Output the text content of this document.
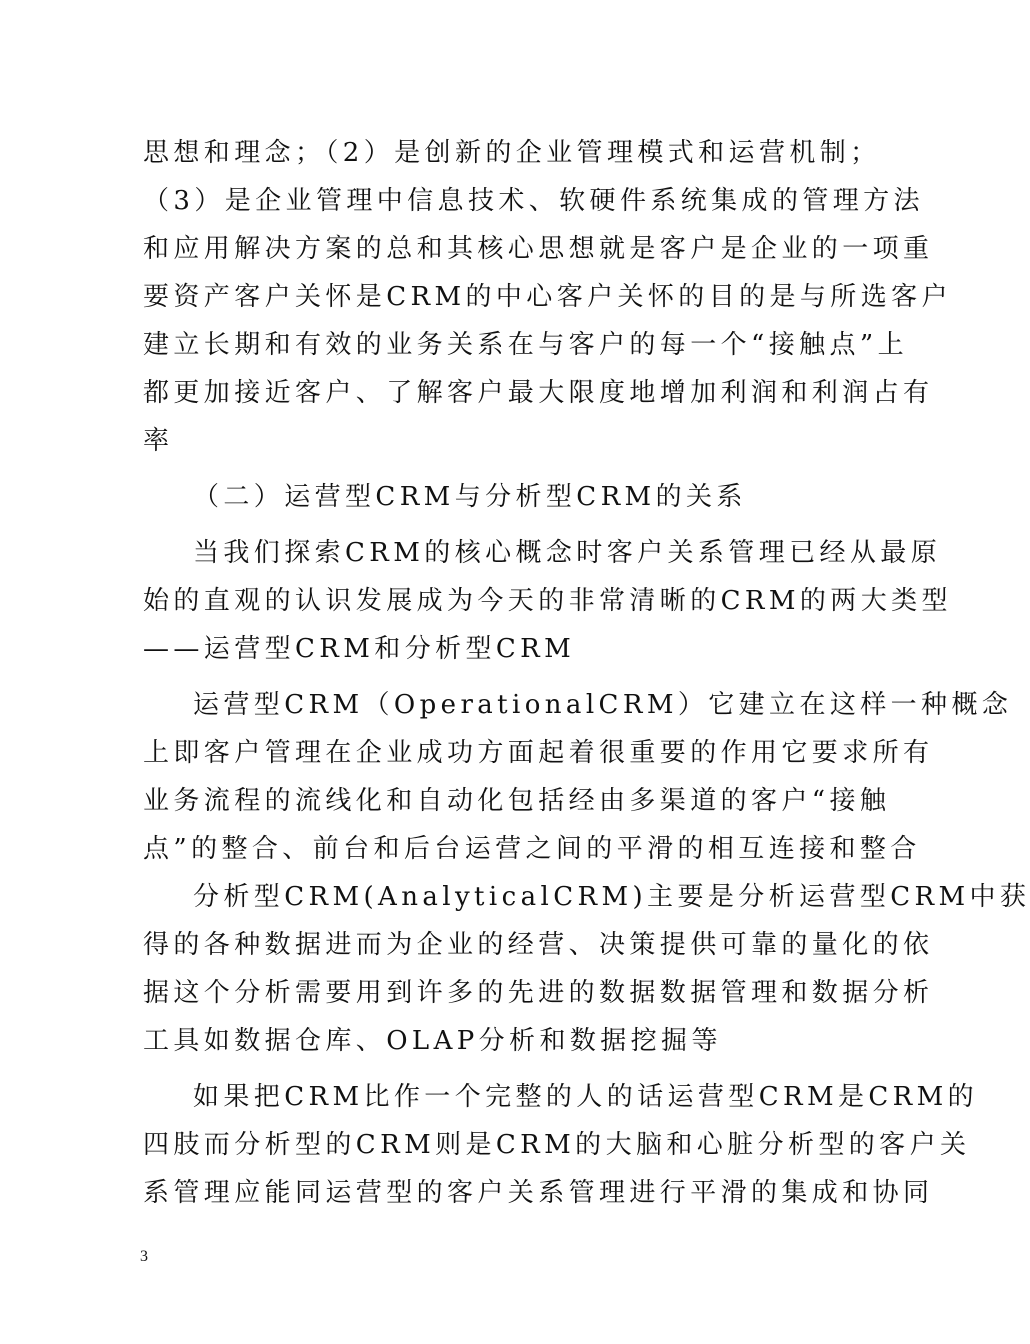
思想和理念；（2）是创新的企业管理模式和运营机制；
（3）是企业管理中信息技术、软硬件系统集成的管理方法
和应用解决方案的总和其核心思想就是客户是企业的一项重
要资产客户关怀是CRM的中心客户关怀的目的是与所选客户
建立长期和有效的业务关系在与客户的每一个“接触点”上
都更加接近客户、了解客户最大限度地增加利润和利润占有
率
（二）运营型CRM与分析型CRM的关系
当我们探索CRM的核心概念时客户关系管理已经从最原
始的直观的认识发展成为今天的非常清晰的CRM的两大类型
——运营型CRM和分析型CRM
运营型CRM（OperationalCRM）它建立在这样一种概念
上即客户管理在企业成功方面起着很重要的作用它要求所有
业务流程的流线化和自动化包括经由多渠道的客户“接触
点”的整合、前台和后台运营之间的平滑的相互连接和整合
分析型CRM(AnalyticalCRM)主要是分析运营型CRM中获
得的各种数据进而为企业的经营、决策提供可靠的量化的依
据这个分析需要用到许多的先进的数据数据管理和数据分析
工具如数据仓库、OLAP分析和数据挖掘等
如果把CRM比作一个完整的人的话运营型CRM是CRM的
四肢而分析型的CRM则是CRM的大脑和心脏分析型的客户关
系管理应能同运营型的客户关系管理进行平滑的集成和协同
3
